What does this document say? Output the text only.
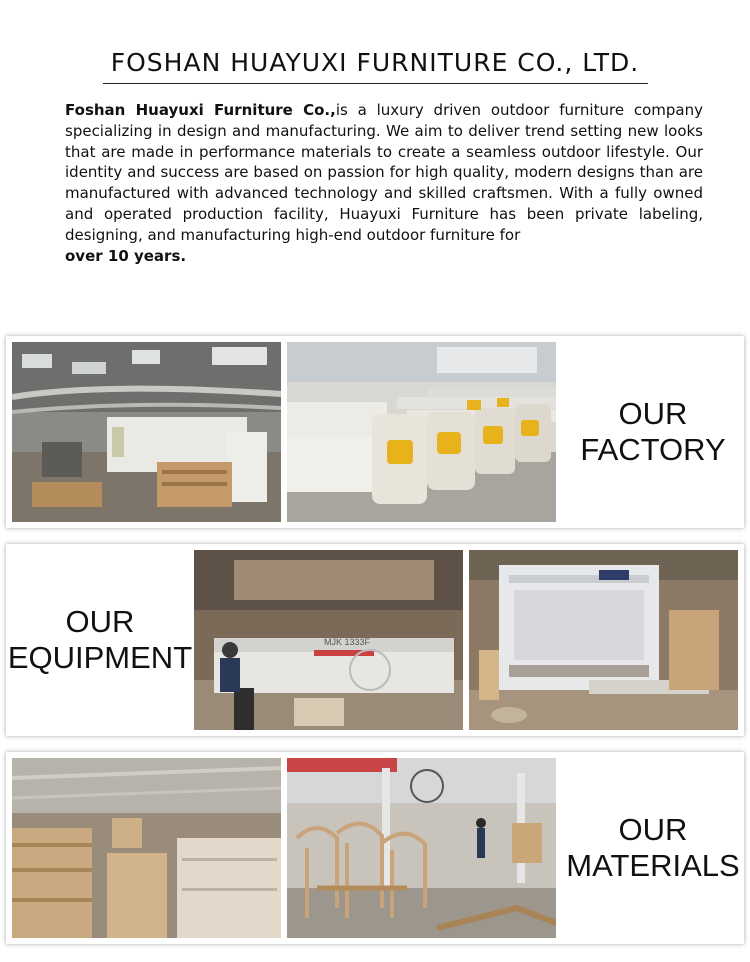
FOSHAN HUAYUXI FURNITURE CO., LTD.
Foshan Huayuxi Furniture Co.,is a luxury driven outdoor furniture company specializing in design and manufacturing. We aim to deliver trend setting new looks that are made in performance materials to create a seamless outdoor lifestyle. Our identity and success are based on passion for high quality, modern designs than are manufactured with advanced technology and skilled craftsmen. With a fully owned and operated production facility, Huayuxi Furniture has been private labeling, designing, and manufacturing high-end outdoor furniture for
over 10 years.
OUR
FACTORY
OUR
EQUIPMENT	MJK 1333F
OUR
MATERIALS
